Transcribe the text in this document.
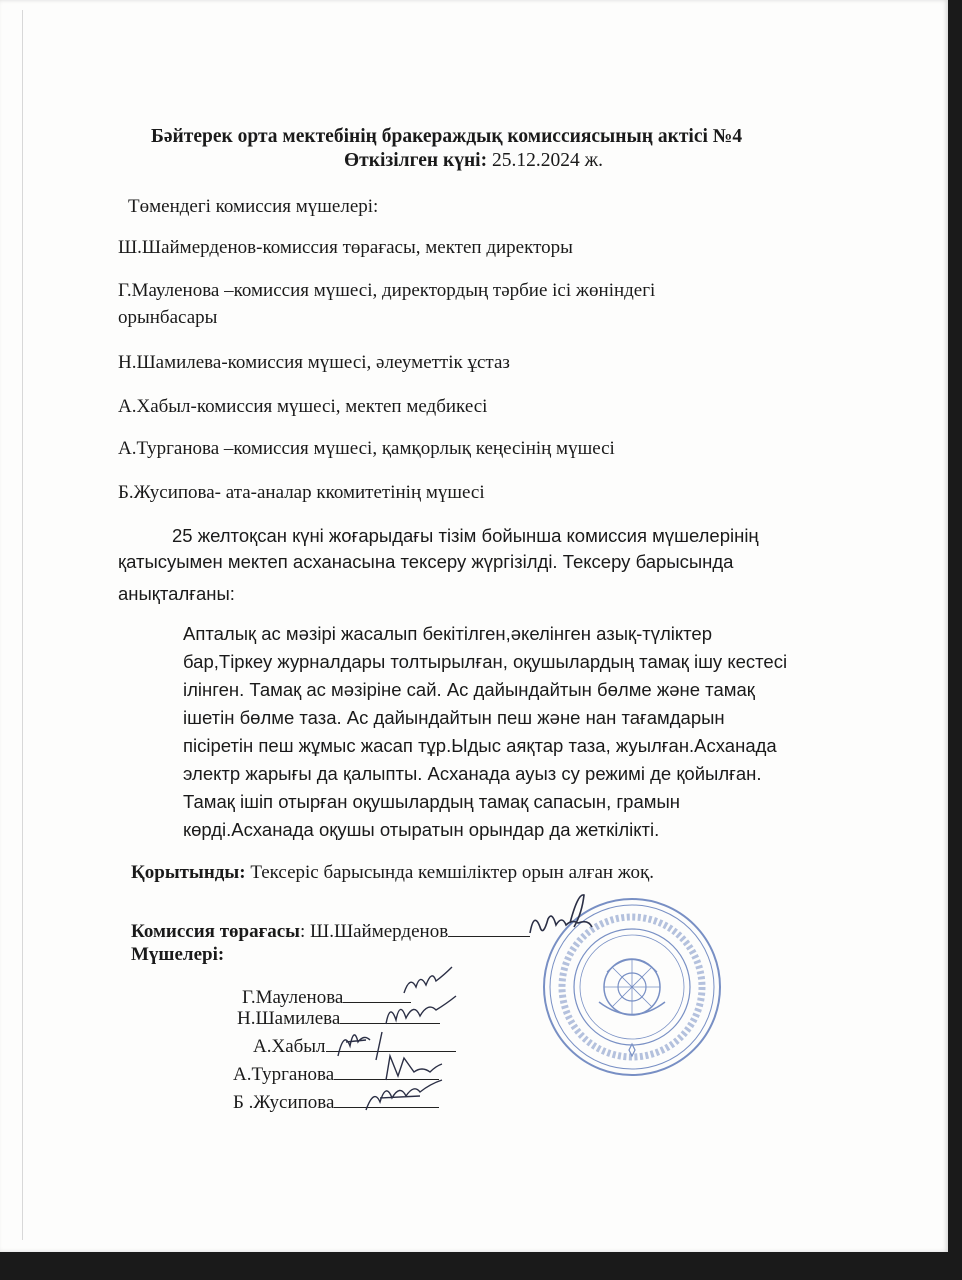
Бәйтерек орта мектебінің бракераждық комиссиясының актісі №4
Өткізілген күні: 25.12.2024 ж.
Төмендегі комиссия мүшелері:
Ш.Шаймерденов-комиссия төрағасы, мектеп директоры
Г.Мауленова –комиссия мүшесі, директордың тәрбие ісі жөніндегі
орынбасары
Н.Шамилева-комиссия мүшесі, әлеуметтік ұстаз
А.Хабыл-комиссия мүшесі, мектеп медбикесі
А.Турганова –комиссия мүшесі, қамқорлық кеңесінің мүшесі
Б.Жусипова- ата-аналар ккомитетінің мүшесі
25 желтоқсан күні жоғарыдағы тізім бойынша комиссия мүшелерінің
қатысуымен мектеп асханасына тексеру жүргізілді. Тексеру барысында
анықталғаны:
Апталық ас мәзірі жасалып бекітілген,әкелінген азық-түліктер
бар,Тіркеу журналдары толтырылған, оқушылардың тамақ ішу кестесі
ілінген. Тамақ ас мәзіріне сай. Ас дайындайтын бөлме және тамақ
ішетін бөлме таза. Ас дайындайтын пеш және нан тағамдарын
пісіретін пеш жұмыс жасап тұр.Ыдыс аяқтар таза, жуылған.Асханада
электр жарығы да қалыпты. Асханада ауыз су режимі де қойылған.
Тамақ ішіп отырған оқушылардың тамақ сапасын, грамын
көрді.Асханада оқушы отыратын орындар да жеткілікті.
Қорытынды: Тексеріс барысында кемшіліктер орын алған жоқ.
Комиссия төрағасы: Ш.Шаймерденов
Мүшелері:
Г.Мауленова
Н.Шамилева
А.Хабыл
А.Турганова
Б .Жусипова
